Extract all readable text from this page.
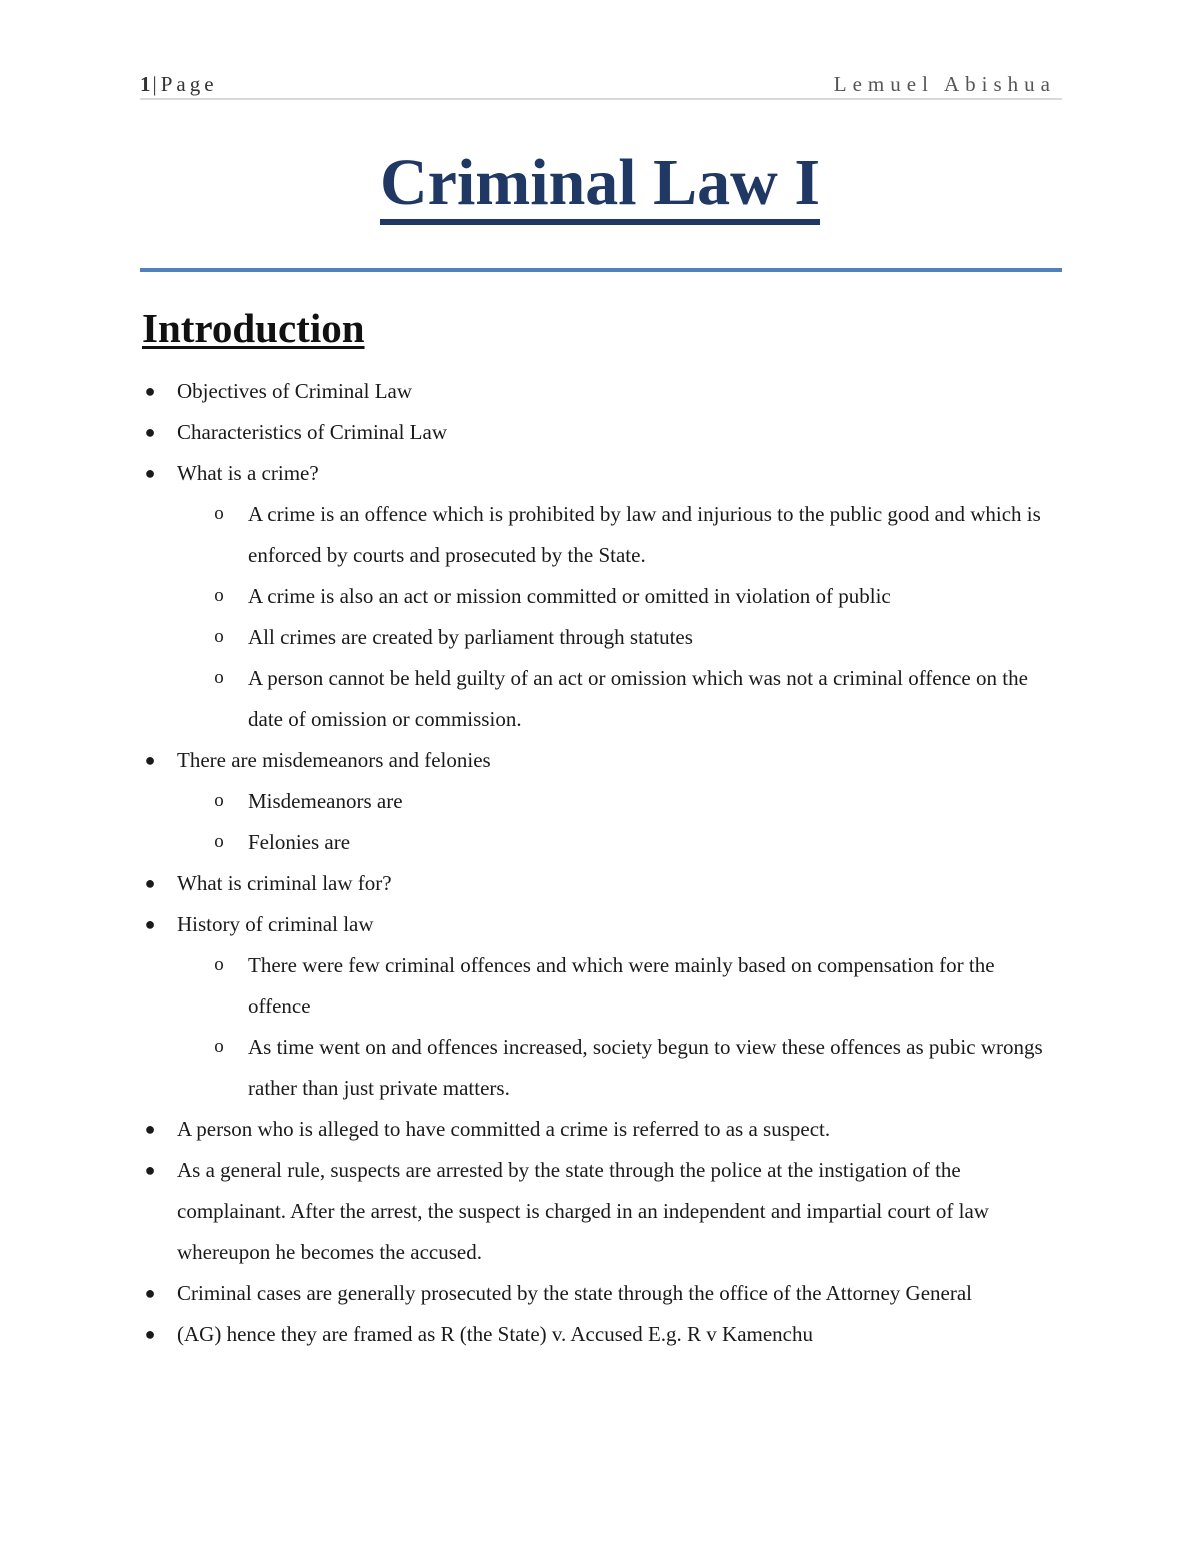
1| Page	Lemuel Abishua
Criminal Law I
Introduction
● Objectives of Criminal Law
● Characteristics of Criminal Law
● What is a crime?
o A crime is an offence which is prohibited by law and injurious to the public good and which is enforced by courts and prosecuted by the State.
o A crime is also an act or mission committed or omitted in violation of public
o All crimes are created by parliament through statutes
o A person cannot be held guilty of an act or omission which was not a criminal offence on the date of omission or commission.
● There are misdemeanors and felonies
o Misdemeanors are
o Felonies are
● What is criminal law for?
● History of criminal law
o There were few criminal offences and which were mainly based on compensation for the offence
o As time went on and offences increased, society begun to view these offences as pubic wrongs rather than just private matters.
● A person who is alleged to have committed a crime is referred to as a suspect.
● As a general rule, suspects are arrested by the state through the police at the instigation of the complainant. After the arrest, the suspect is charged in an independent and impartial court of law whereupon he becomes the accused.
● Criminal cases are generally prosecuted by the state through the office of the Attorney General
● (AG) hence they are framed as R (the State) v. Accused E.g. R v Kamenchu
